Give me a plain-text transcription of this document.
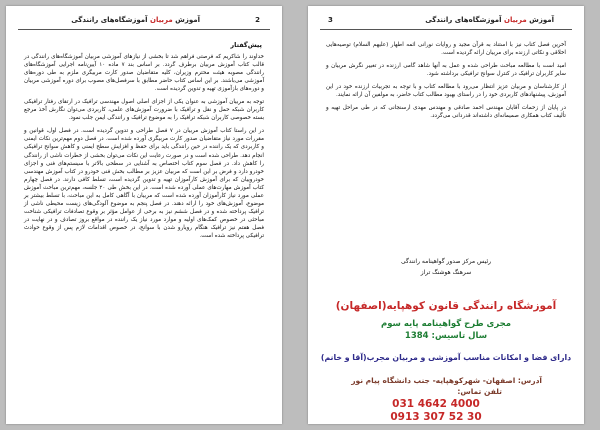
آموزش مربیان آموزشگاه‌های رانندگی	2
پیش‌گفتار

خداوند را شاکریم که فرصتی فراهم شد تا بخشی از نیازهای آموزشی مربیان آموزشگاه‌های رانندگی در قالب کتاب آموزش مربیان برطرف گردد. بر اساس بند ۷ ماده ۱۰ آیین‌نامه اجرایی آموزشگاه‌های رانندگی مصوبه هیئت محترم وزیران، کلیه متقاضیان صدور کارت مربیگری ملزم به طی دوره‌های آموزشی می‌باشند. بر این اساس کتاب حاضر مطابق با سرفصل‌های مصوب برای دوره آموزشی مربیان و دوره‌های بازآموزی تهیه و تدوین گردیده است.

توجه به مربیان آموزشی به عنوان یکی از اجزای اصلی اصول مهندسی ترافیک در ارتقای رفتار ترافیکی کاربران شبکه حمل و نقل و ترافیک با ضرورت آموزش‌های علمی، کاربردی می‌توان نگارش آخذ مرجع بسته خصوصی کاربران شبکه ترافیک را به موضوع ترافیک و رانندگی ایمن جلب نمود.

در این راستا کتاب آموزش مربیان در ۷ فصل طراحی و تدوین گردیده است. در فصل اول، قوانین و مقررات مورد نیاز متقاضیان صدور کارت مربیگری آورده شده است. در فصل دوم مهم‌ترین نکات ایمنی و کاربردی که یک راننده در حین رانندگی باید برای حفظ و افزایش سطح ایمنی و کاهش سوانح ترافیکی انجام دهد. طراحی شده است و در صورت رعایت این نکات می‌توان بخشی از خطرات ناشی از رانندگی را کاهش داد. در فصل سوم کتاب اختصاص به آشنایی در سطحی بالاتر با سیستم‌های فنی و اجزای خودرو دارد و فرض بر این است که مربیان عزیز بر مطالب بخش فنی خودرو در کتاب آموزش مهندسی خودروییان که برای آموزش کارآموزان تهیه و تدوین گردیده است، تسلط کافی دارند. در فصل چهارم کتاب آموزش مهارت‌های عملی آورده شده است. در این بخش طی ۲۰ جلسه، مهم‌ترین مباحث آموزش عملی مورد نیاز کارآموزان آورده شده است که مربیان با آگاهی کامل به این مباحث، با تسلط بیشتر بر موضوع، آموزش‌های خود را ارائه دهند. در فصل پنجم به موضوع آلودگی‌های زیست محیطی ناشی از ترافیک پرداخته شده و در فصل ششم نیز به برخی از عوامل مؤثر بر وقوع تصادفات ترافیکی شناخت مباحثی در خصوص کمک‌های اولیه و موارد مورد نیاز یک راننده در مواقع بروز تصادف و در نهایت در فصل هفتم نیز ترافیک هنگام رویارو شدن با سوانح، در خصوص اقدامات لازم پس از وقوع حوادث ترافیکی پرداخته شده است.

آموزش مربیان آموزشگاه‌های رانندگی
3

آخرین فصل کتاب نیز با استناد به قرآن مجید و روایات نورانی ائمه اطهار (علیهم السلام) توصیه‌هایی اخلاقی و نکاتی ارزنده برای مربیان ارائه گردیده است.

امید است با مطالعه مباحث طراحی شده و عمل به آنها شاهد گامی ارزنده در تغییر نگرش مربیان و سایر کاربران ترافیک در کنترل سوانح ترافیکی برداشته شود.

از کارشناسان و مربیان عزیز انتظار می‌رود با مطالعه کتاب و با توجه به تجربیات ارزنده خود در این آموزش، پیشنهادهای کاربردی خود را در راستای بهبود مطالب کتاب حاضر، به مولفین آن ارائه نمایند.

در پایان از زحمات آقایان مهندس احمد صادقی و مهندس مهدی ارسنجانی که در طی مراحل تهیه و تألیف کتاب همکاری صمیمانه‌ای داشته‌اند قدردانی می‌گردد.

رئیس مرکز صدور گواهینامه رانندگی
سرهنگ هوشنگ تراز
آموزشگاه رانندگی قانون کوهپایه(اصفهان)
مجری طرح گواهینامه پایه سوم
سال تاسیس: 1384
دارای فضا و امکانات مناسب آموزشی و مربیان مجرب(آقا و خانم)
آدرس: اصفهان- شهرکوهپایه- جنب دانشگاه پیام نور
تلفن تماس:
031 4642 4000
0913 307 52 30
